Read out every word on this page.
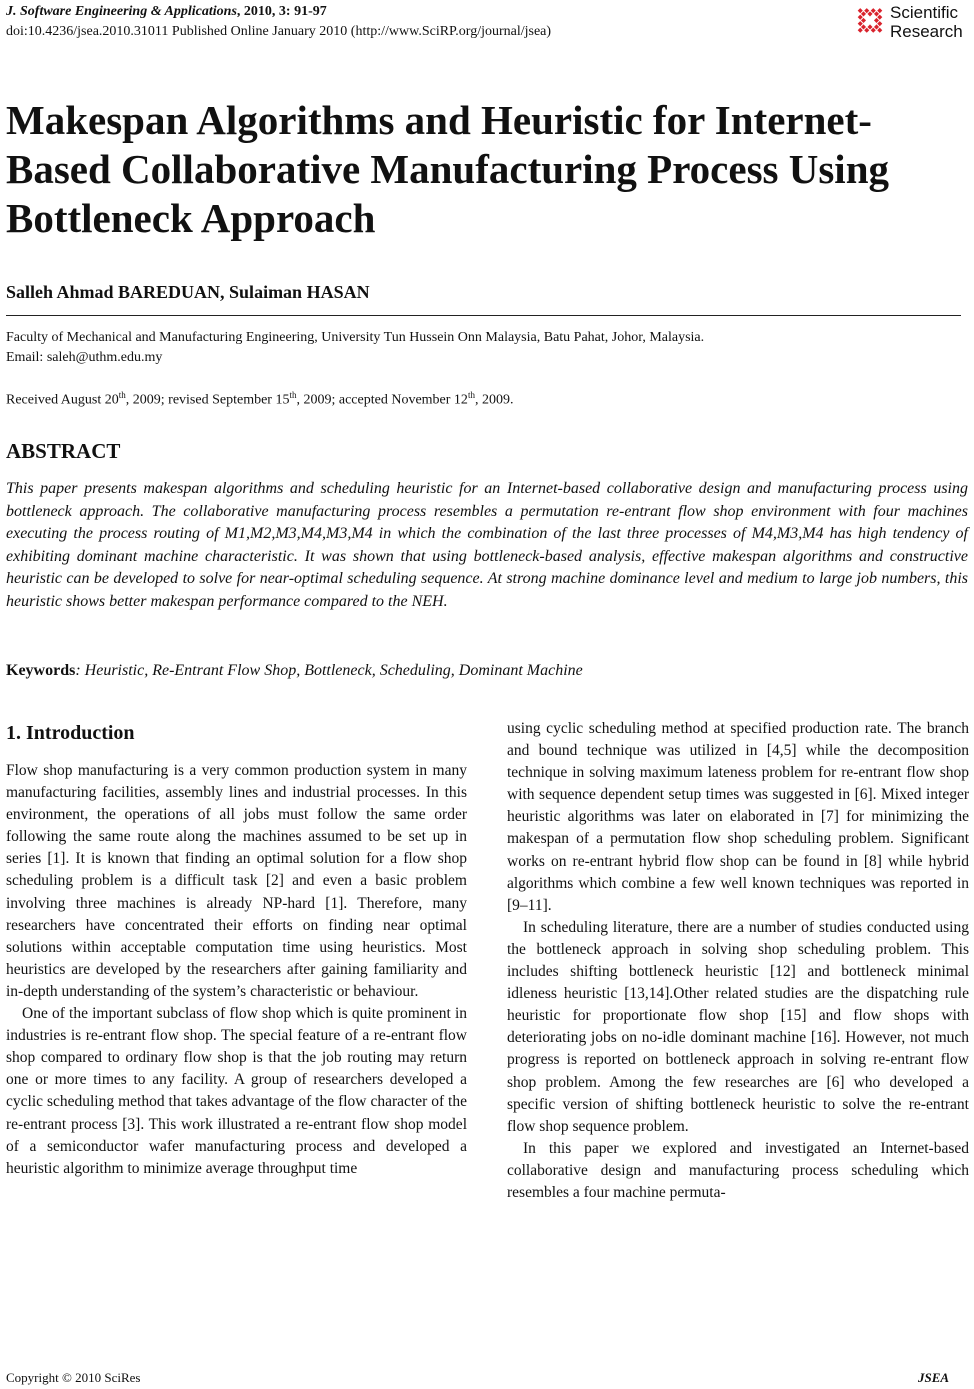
J. Software Engineering & Applications, 2010, 3: 91-97
doi:10.4236/jsea.2010.31011 Published Online January 2010 (http://www.SciRP.org/journal/jsea)
Scientific
Research
Makespan Algorithms and Heuristic for Internet-Based Collaborative Manufacturing Process Using Bottleneck Approach
Salleh Ahmad BAREDUAN, Sulaiman HASAN
Faculty of Mechanical and Manufacturing Engineering, University Tun Hussein Onn Malaysia, Batu Pahat, Johor, Malaysia.
Email: saleh@uthm.edu.my
Received August 20th, 2009; revised September 15th, 2009; accepted November 12th, 2009.
ABSTRACT

This paper presents makespan algorithms and scheduling heuristic for an Internet-based collaborative design and manufacturing process using bottleneck approach. The collaborative manufacturing process resembles a permutation re-entrant flow shop environment with four machines executing the process routing of M1,M2,M3,M4,M3,M4 in which the combination of the last three processes of M4,M3,M4 has high tendency of exhibiting dominant machine characteristic. It was shown that using bottleneck-based analysis, effective makespan algorithms and constructive heuristic can be developed to solve for near-optimal scheduling sequence. At strong machine dominance level and medium to large job numbers, this heuristic shows better makespan performance compared to the NEH.

Keywords: Heuristic, Re-Entrant Flow Shop, Bottleneck, Scheduling, Dominant Machine
1. Introduction

Flow shop manufacturing is a very common production system in many manufacturing facilities, assembly lines and industrial processes. In this environment, the operations of all jobs must follow the same order following the same route along the machines assumed to be set up in series [1]. It is known that finding an optimal solution for a flow shop scheduling problem is a difficult task [2] and even a basic problem involving three machines is already NP-hard [1]. Therefore, many researchers have concentrated their efforts on finding near optimal solutions within acceptable computation time using heuristics. Most heuristics are developed by the researchers after gaining familiarity and in-depth understanding of the system’s characteristic or behaviour.

One of the important subclass of flow shop which is quite prominent in industries is re-entrant flow shop. The special feature of a re-entrant flow shop compared to ordinary flow shop is that the job routing may return one or more times to any facility. A group of researchers developed a cyclic scheduling method that takes advantage of the flow character of the re-entrant process [3]. This work illustrated a re-entrant flow shop model of a semiconductor wafer manufacturing process and developed a heuristic algorithm to minimize average throughput time

using cyclic scheduling method at specified production rate. The branch and bound technique was utilized in [4,5] while the decomposition technique in solving maximum lateness problem for re-entrant flow shop with sequence dependent setup times was suggested in [6]. Mixed integer heuristic algorithms was later on elaborated in [7] for minimizing the makespan of a permutation flow shop scheduling problem. Significant works on re-entrant hybrid flow shop can be found in [8] while hybrid algorithms which combine a few well known techniques was reported in [9–11].

In scheduling literature, there are a number of studies conducted using the bottleneck approach in solving shop scheduling problem. This includes shifting bottleneck heuristic [12] and bottleneck minimal idleness heuristic [13,14].Other related studies are the dispatching rule heuristic for proportionate flow shop [15] and flow shops with deteriorating jobs on no-idle dominant machine [16]. However, not much progress is reported on bottleneck approach in solving re-entrant flow shop problem. Among the few researches are [6] who developed a specific version of shifting bottleneck heuristic to solve the re-entrant flow shop sequence problem.

In this paper we explored and investigated an Internet-based collaborative design and manufacturing process scheduling which resembles a four machine permuta-

Copyright © 2010 SciRes	JSEA
